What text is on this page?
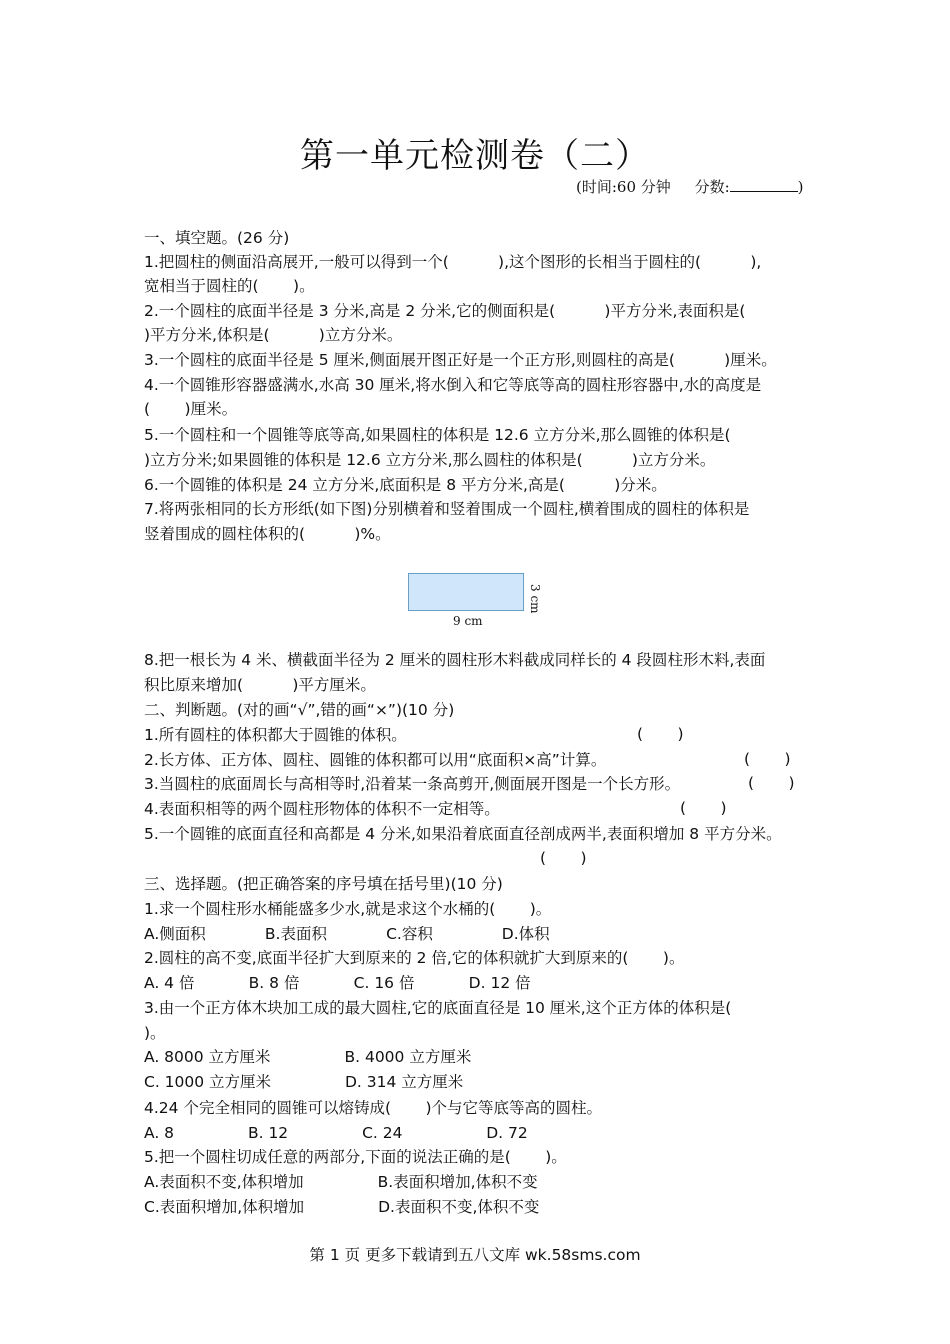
第一单元检测卷（二）
(时间:60 分钟 分数:	)
一、填空题。(26 分)
1.把圆柱的侧面沿高展开,一般可以得到一个(          ),这个图形的长相当于圆柱的(          ),
宽相当于圆柱的(       )。
2.一个圆柱的底面半径是 3 分米,高是 2 分米,它的侧面积是(          )平方分米,表面积是(
)平方分米,体积是(          )立方分米。
3.一个圆柱的底面半径是 5 厘米,侧面展开图正好是一个正方形,则圆柱的高是(          )厘米。
4.一个圆锥形容器盛满水,水高 30 厘米,将水倒入和它等底等高的圆柱形容器中,水的高度是
(       )厘米。
5.一个圆柱和一个圆锥等底等高,如果圆柱的体积是 12.6 立方分米,那么圆锥的体积是(
)立方分米;如果圆锥的体积是 12.6 立方分米,那么圆柱的体积是(          )立方分米。
6.一个圆锥的体积是 24 立方分米,底面积是 8 平方分米,高是(          )分米。
7.将两张相同的长方形纸(如下图)分别横着和竖着围成一个圆柱,横着围成的圆柱的体积是
竖着围成的圆柱体积的(          )%。
9 cm
3 cm
8.把一根长为 4 米、横截面半径为 2 厘米的圆柱形木料截成同样长的 4 段圆柱形木料,表面
积比原来增加(          )平方厘米。
二、判断题。(对的画“√”,错的画“×”)(10 分)
1.所有圆柱的体积都大于圆锥的体积。	(       )
2.长方体、正方体、圆柱、圆锥的体积都可以用“底面积×高”计算。	(       )
3.当圆柱的底面周长与高相等时,沿着某一条高剪开,侧面展开图是一个长方形。	(       )
4.表面积相等的两个圆柱形物体的体积不一定相等。	(       )
5.一个圆锥的底面直径和高都是 4 分米,如果沿着底面直径剖成两半,表面积增加 8 平方分米。
(       )
三、选择题。(把正确答案的序号填在括号里)(10 分)
1.求一个圆柱形水桶能盛多少水,就是求这个水桶的(       )。
A.侧面积            B.表面积            C.容积              D.体积
2.圆柱的高不变,底面半径扩大到原来的 2 倍,它的体积就扩大到原来的(       )。
A. 4 倍           B. 8 倍           C. 16 倍           D. 12 倍
3.由一个正方体木块加工成的最大圆柱,它的底面直径是 10 厘米,这个正方体的体积是(
)。
A. 8000 立方厘米               B. 4000 立方厘米
C. 1000 立方厘米               D. 314 立方厘米
4.24 个完全相同的圆锥可以熔铸成(       )个与它等底等高的圆柱。
A. 8               B. 12               C. 24                 D. 72
5.把一个圆柱切成任意的两部分,下面的说法正确的是(       )。
A.表面积不变,体积增加               B.表面积增加,体积不变
C.表面积增加,体积增加               D.表面积不变,体积不变
第 1 页 更多下载请到五八文库 wk.58sms.com
